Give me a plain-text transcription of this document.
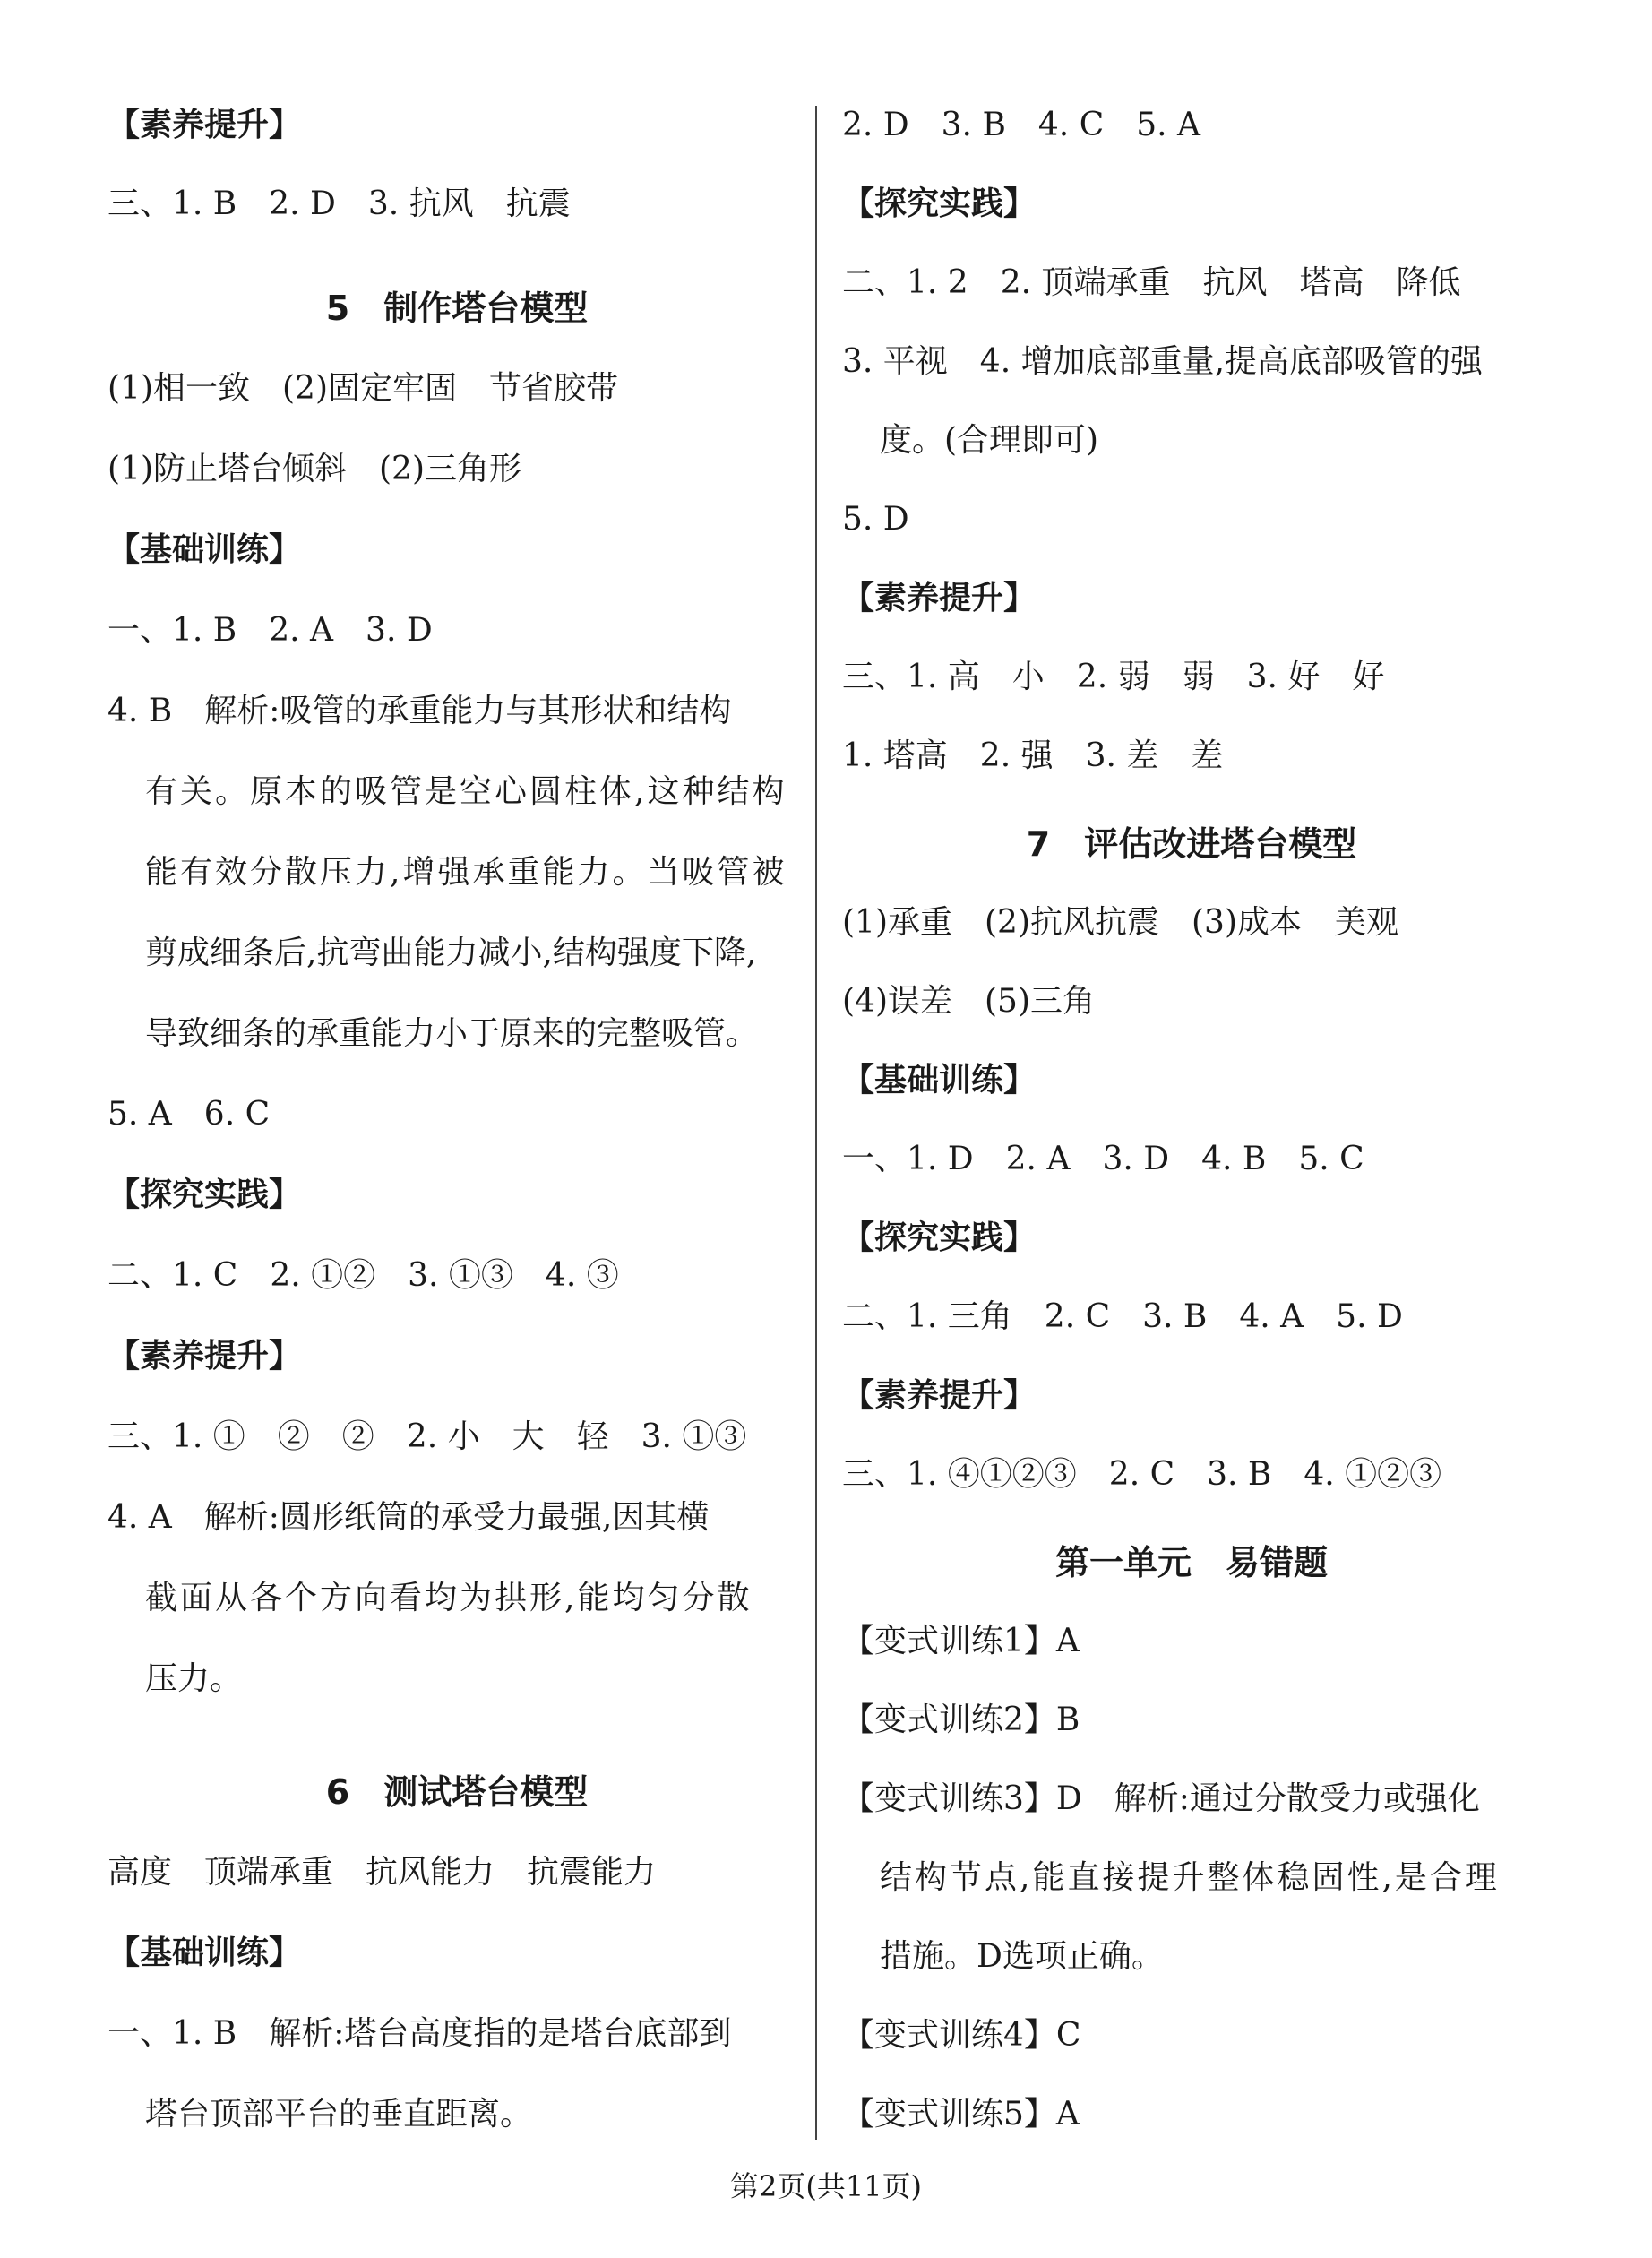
【素养提升】
三、1. B　2. D　3. 抗风　抗震
5　制作塔台模型
(1)相一致　(2)固定牢固　节省胶带
(1)防止塔台倾斜　(2)三角形
【基础训练】
一、1. B　2. A　3. D
4. B　解析:吸管的承重能力与其形状和结构
有关。原本的吸管是空心圆柱体,这种结构
能有效分散压力,增强承重能力。当吸管被
剪成细条后,抗弯曲能力减小,结构强度下降,
导致细条的承重能力小于原来的完整吸管。
5. A　6. C
【探究实践】
二、1. C　2. ①②　3. ①③　4. ③
【素养提升】
三、1. ①　②　②　2. 小　大　轻　3. ①③
4. A　解析:圆形纸筒的承受力最强,因其横
截面从各个方向看均为拱形,能均匀分散
压力。
6　测试塔台模型
高度　顶端承重　抗风能力　抗震能力
【基础训练】
一、1. B　解析:塔台高度指的是塔台底部到
塔台顶部平台的垂直距离。
2. D　3. B　4. C　5. A
【探究实践】
二、1. 2　2. 顶端承重　抗风　塔高　降低
3. 平视　4. 增加底部重量,提高底部吸管的强
度。(合理即可)
5. D
【素养提升】
三、1. 高　小　2. 弱　弱　3. 好　好
1. 塔高　2. 强　3. 差　差
7　评估改进塔台模型
(1)承重　(2)抗风抗震　(3)成本　美观
(4)误差　(5)三角
【基础训练】
一、1. D　2. A　3. D　4. B　5. C
【探究实践】
二、1. 三角　2. C　3. B　4. A　5. D
【素养提升】
三、1. ④①②③　2. C　3. B　4. ①②③
第一单元　易错题
【变式训练1】A
【变式训练2】B
【变式训练3】D　解析:通过分散受力或强化
结构节点,能直接提升整体稳固性,是合理
措施。D选项正确。
【变式训练4】C
【变式训练5】A
第2页(共11页)
